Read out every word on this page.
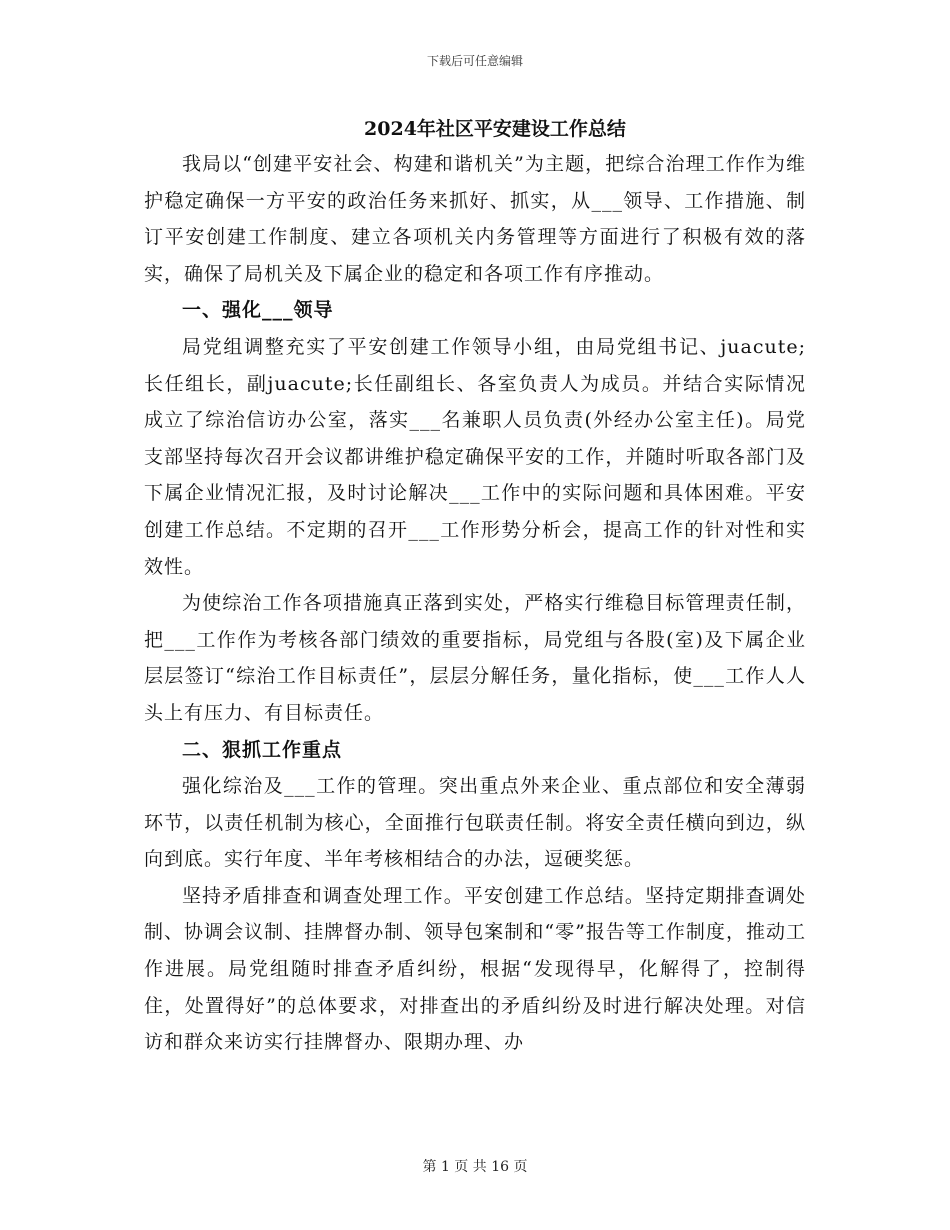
下载后可任意编辑
2024年社区平安建设工作总结

我局以“创建平安社会、构建和谐机关”为主题，把综合治理工作作为维护稳定确保一方平安的政治任务来抓好、抓实，从___领导、工作措施、制订平安创建工作制度、建立各项机关内务管理等方面进行了积极有效的落实，确保了局机关及下属企业的稳定和各项工作有序推动。

一、强化___领导

局党组调整充实了平安创建工作领导小组，由局党组书记、juacute;长任组长，副juacute;长任副组长、各室负责人为成员。并结合实际情况成立了综治信访办公室，落实___名兼职人员负责(外经办公室主任)。局党支部坚持每次召开会议都讲维护稳定确保平安的工作，并随时听取各部门及下属企业情况汇报，及时讨论解决___工作中的实际问题和具体困难。平安创建工作总结。不定期的召开___工作形势分析会，提高工作的针对性和实效性。

为使综治工作各项措施真正落到实处，严格实行维稳目标管理责任制，把___工作作为考核各部门绩效的重要指标，局党组与各股(室)及下属企业层层签订“综治工作目标责任”，层层分解任务，量化指标，使___工作人人头上有压力、有目标责任。

二、狠抓工作重点

强化综治及___工作的管理。突出重点外来企业、重点部位和安全薄弱环节，以责任机制为核心，全面推行包联责任制。将安全责任横向到边，纵向到底。实行年度、半年考核相结合的办法，逗硬奖惩。

坚持矛盾排查和调查处理工作。平安创建工作总结。坚持定期排查调处制、协调会议制、挂牌督办制、领导包案制和“零”报告等工作制度，推动工作进展。局党组随时排查矛盾纠纷，根据“发现得早，化解得了，控制得住，处置得好”的总体要求，对排查出的矛盾纠纷及时进行解决处理。对信访和群众来访实行挂牌督办、限期办理、办

第 1 页 共 16 页
